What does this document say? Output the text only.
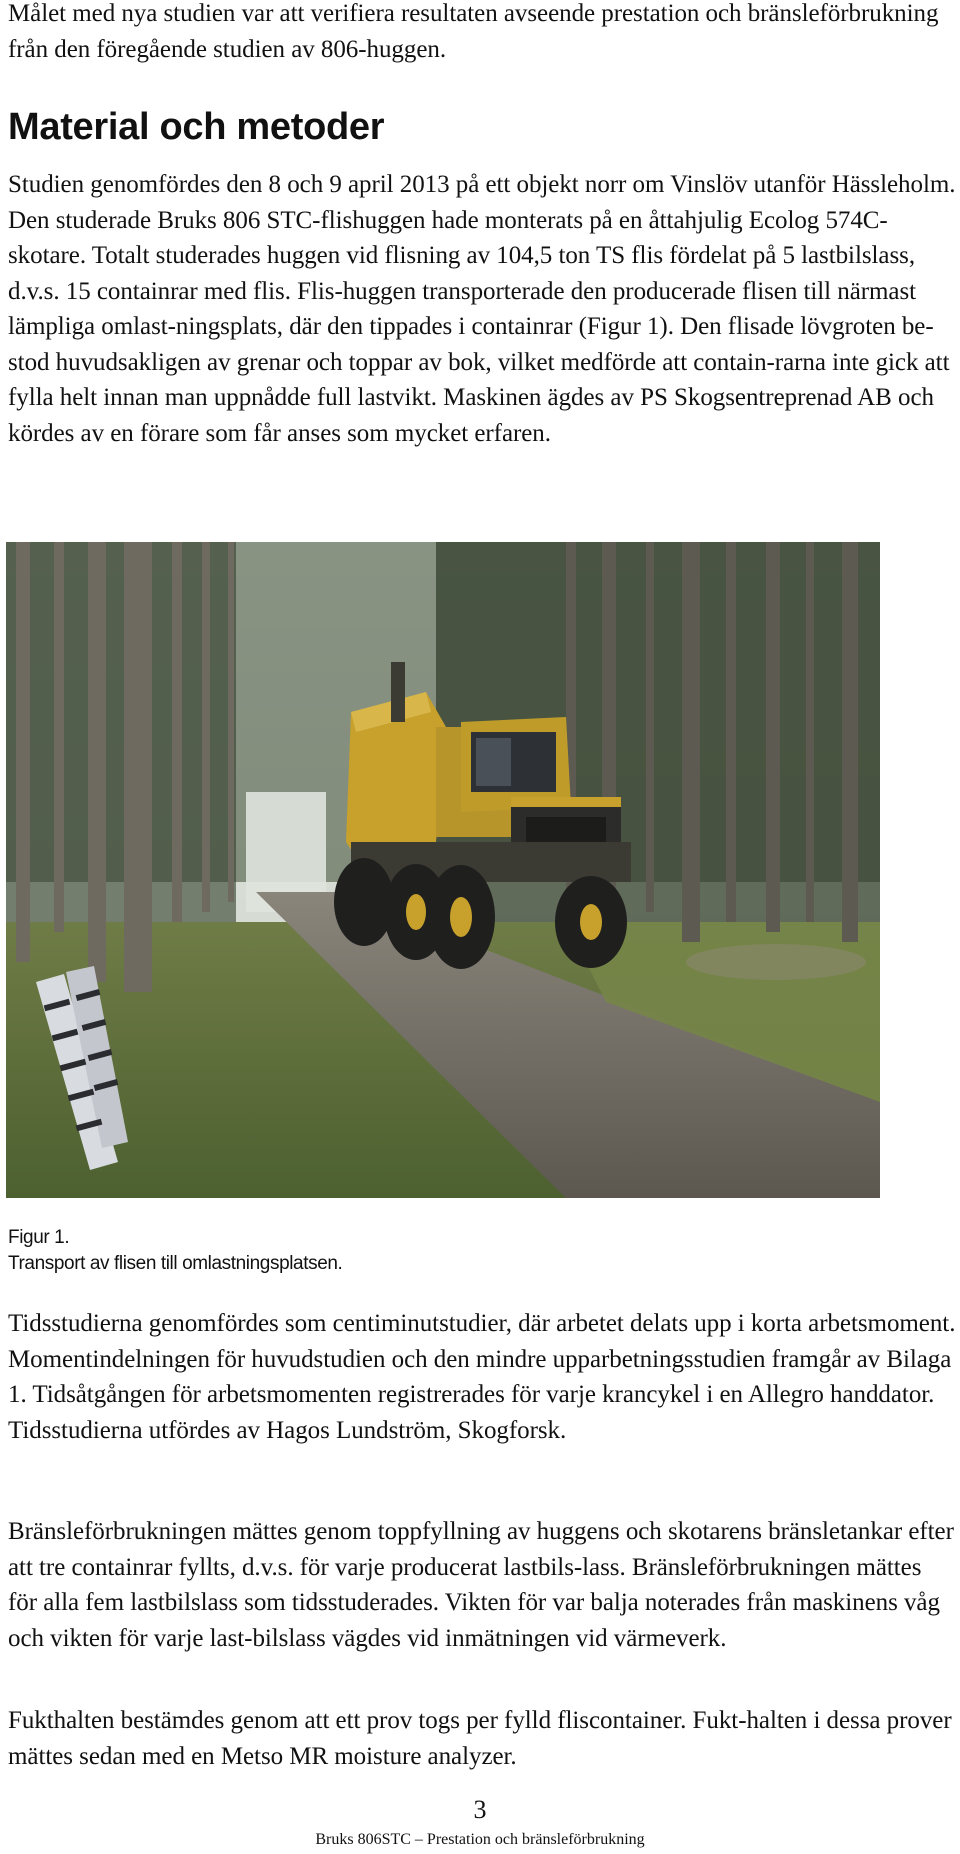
Målet med nya studien var att verifiera resultaten avseende prestation och bränsleförbrukning från den föregående studien av 806-huggen.

Material och metoder

Studien genomfördes den 8 och 9 april 2013 på ett objekt norr om Vinslöv utanför Hässleholm. Den studerade Bruks 806 STC-flishuggen hade monterats på en åttahjulig Ecolog 574C-skotare. Totalt studerades huggen vid flisning av 104,5 ton TS flis fördelat på 5 lastbilslass, d.v.s. 15 containrar med flis. Flis-huggen transporterade den producerade flisen till närmast lämpliga omlast-ningsplats, där den tippades i containrar (Figur 1). Den flisade lövgroten be-stod huvudsakligen av grenar och toppar av bok, vilket medförde att contain-rarna inte gick att fylla helt innan man uppnådde full lastvikt. Maskinen ägdes av PS Skogsentreprenad AB och kördes av en förare som får anses som mycket erfaren.

Figur 1.

Transport av flisen till omlastningsplatsen.

Tidsstudierna genomfördes som centiminutstudier, där arbetet delats upp i korta arbetsmoment. Momentindelningen för huvudstudien och den mindre upparbetningsstudien framgår av Bilaga 1. Tidsåtgången för arbetsmomenten registrerades för varje krancykel i en Allegro handdator. Tidsstudierna utfördes av Hagos Lundström, Skogforsk.

Bränsleförbrukningen mättes genom toppfyllning av huggens och skotarens bränsletankar efter att tre containrar fyllts, d.v.s. för varje producerat lastbils-lass. Bränsleförbrukningen mättes för alla fem lastbilslass som tidsstuderades. Vikten för var balja noterades från maskinens våg och vikten för varje last-bilslass vägdes vid inmätningen vid värmeverk.

Fukthalten bestämdes genom att ett prov togs per fylld fliscontainer. Fukt-halten i dessa prover mättes sedan med en Metso MR moisture analyzer.

3

Bruks 806STC – Prestation och bränsleförbrukning
